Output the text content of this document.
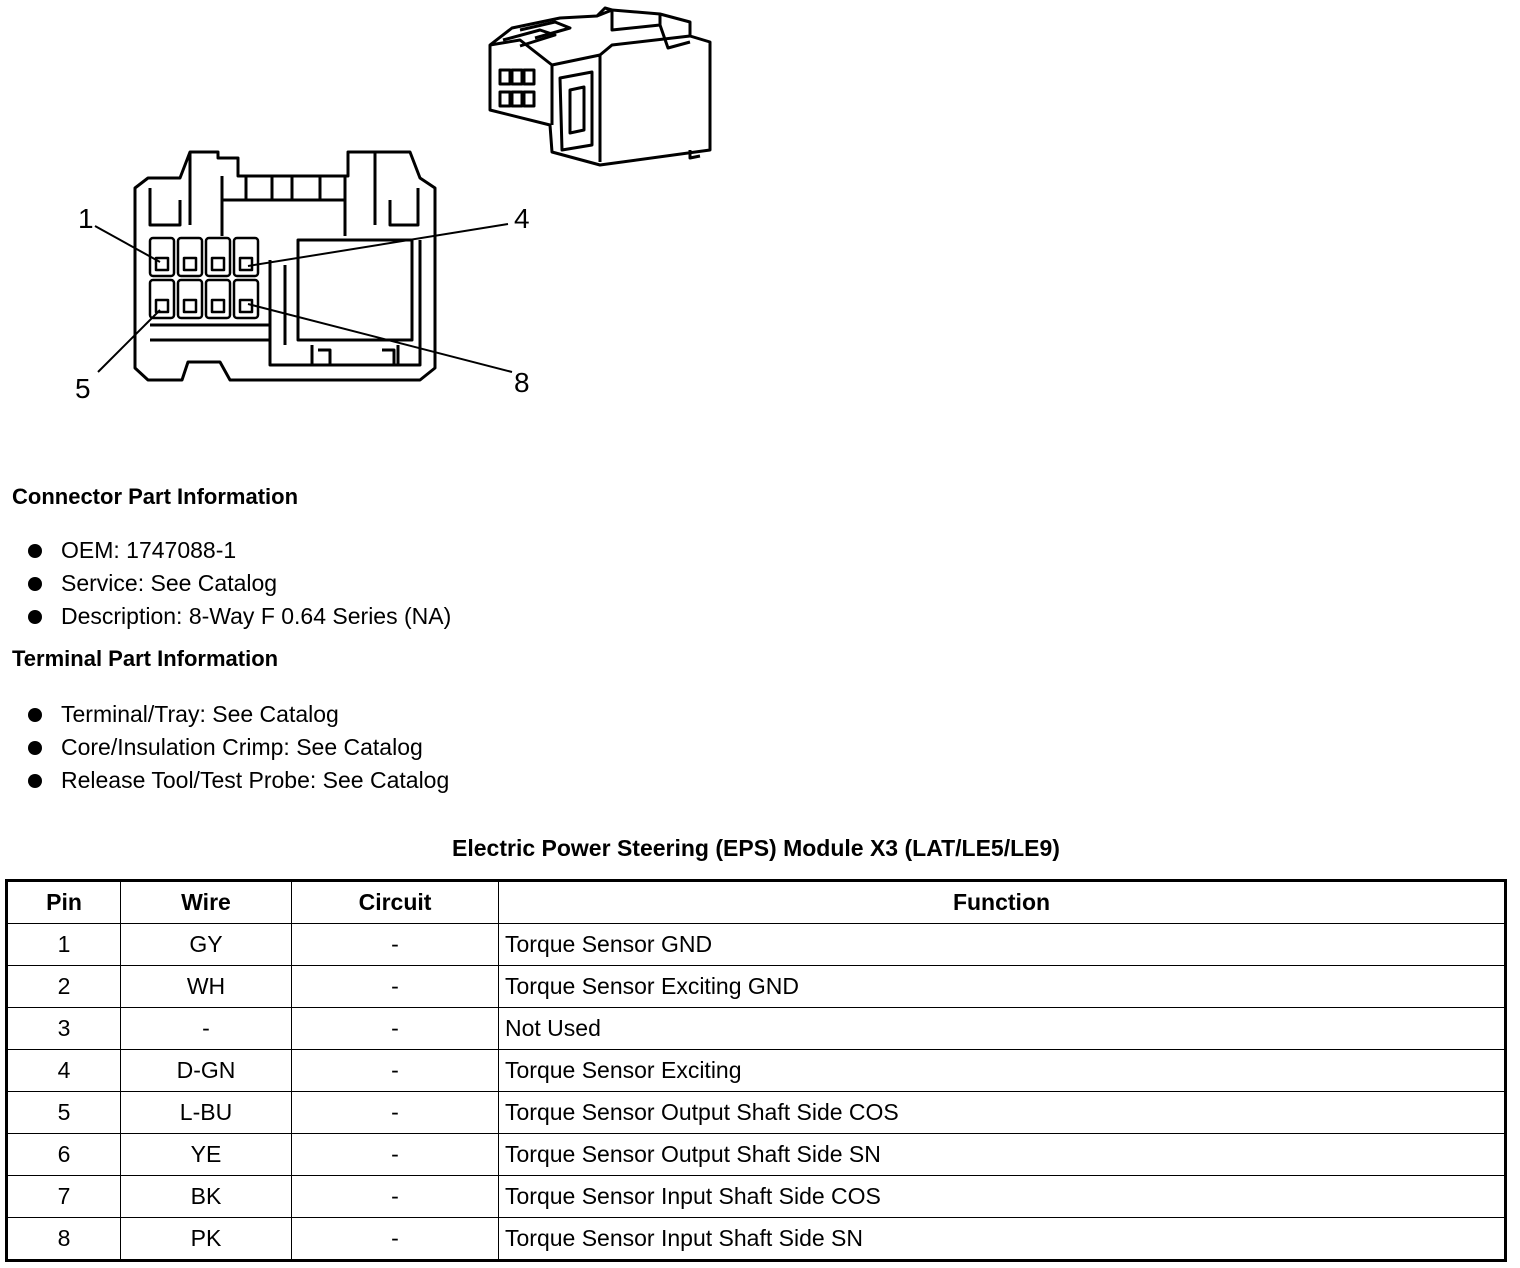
1	4
5	8
Connector Part Information
OEM: 1747088-1
Service: See Catalog
Description: 8-Way F 0.64 Series (NA)
Terminal Part Information
Terminal/Tray: See Catalog
Core/Insulation Crimp: See Catalog
Release Tool/Test Probe: See Catalog
Electric Power Steering (EPS) Module X3 (LAT/LE5/LE9)
Pin	Wire	Circuit	Function
1	GY	-	Torque Sensor GND
2	WH	-	Torque Sensor Exciting GND
3	-	-	Not Used
4	D-GN	-	Torque Sensor Exciting
5	L-BU	-	Torque Sensor Output Shaft Side COS
6	YE	-	Torque Sensor Output Shaft Side SN
7	BK	-	Torque Sensor Input Shaft Side COS
8	PK	-	Torque Sensor Input Shaft Side SN
